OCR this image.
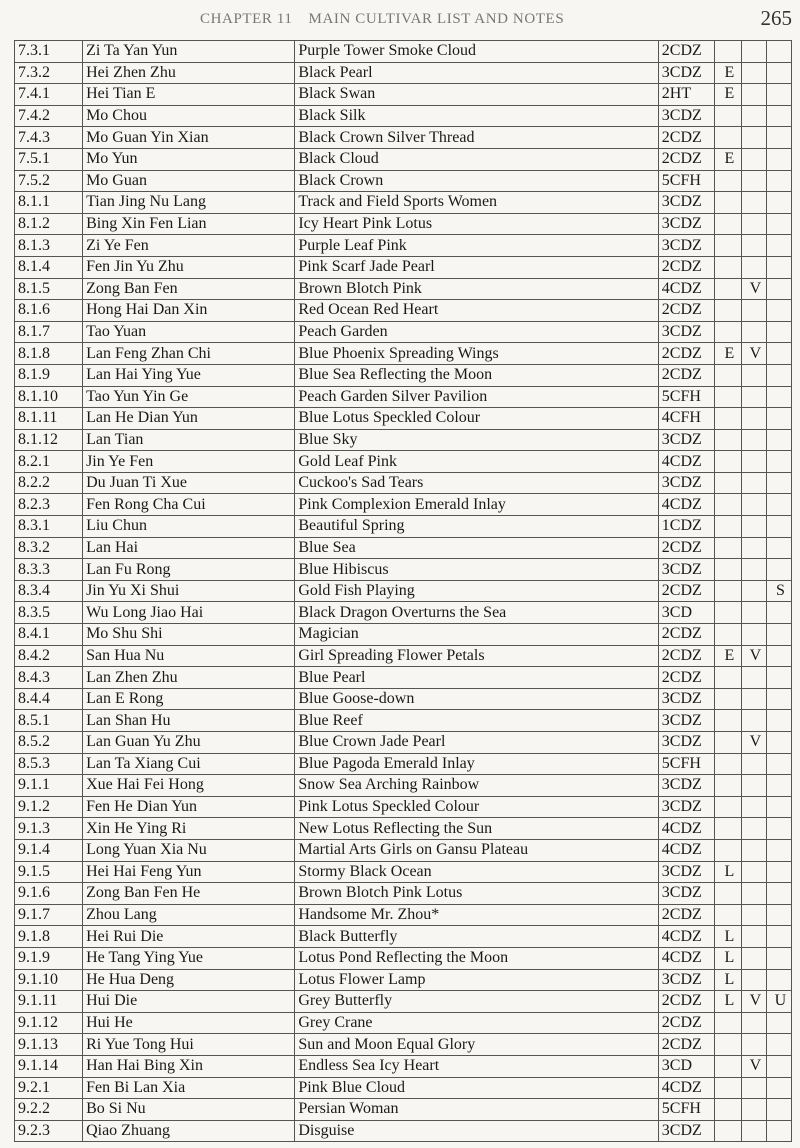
CHAPTER 11 MAIN CULTIVAR LIST AND NOTES	265
7.3.1	Zi Ta Yan Yun	Purple Tower Smoke Cloud	2CDZ			
7.3.2	Hei Zhen Zhu	Black Pearl	3CDZ	E		
7.4.1	Hei Tian E	Black Swan	2HT	E		
7.4.2	Mo Chou	Black Silk	3CDZ			
7.4.3	Mo Guan Yin Xian	Black Crown Silver Thread	2CDZ			
7.5.1	Mo Yun	Black Cloud	2CDZ	E		
7.5.2	Mo Guan	Black Crown	5CFH			
8.1.1	Tian Jing Nu Lang	Track and Field Sports Women	3CDZ			
8.1.2	Bing Xin Fen Lian	Icy Heart Pink Lotus	3CDZ			
8.1.3	Zi Ye Fen	Purple Leaf Pink	3CDZ			
8.1.4	Fen Jin Yu Zhu	Pink Scarf Jade Pearl	2CDZ			
8.1.5	Zong Ban Fen	Brown Blotch Pink	4CDZ		V	
8.1.6	Hong Hai Dan Xin	Red Ocean Red Heart	2CDZ			
8.1.7	Tao Yuan	Peach Garden	3CDZ			
8.1.8	Lan Feng Zhan Chi	Blue Phoenix Spreading Wings	2CDZ	E	V	
8.1.9	Lan Hai Ying Yue	Blue Sea Reflecting the Moon	2CDZ			
8.1.10	Tao Yun Yin Ge	Peach Garden Silver Pavilion	5CFH			
8.1.11	Lan He Dian Yun	Blue Lotus Speckled Colour	4CFH			
8.1.12	Lan Tian	Blue Sky	3CDZ			
8.2.1	Jin Ye Fen	Gold Leaf Pink	4CDZ			
8.2.2	Du Juan Ti Xue	Cuckoo's Sad Tears	3CDZ			
8.2.3	Fen Rong Cha Cui	Pink Complexion Emerald Inlay	4CDZ			
8.3.1	Liu Chun	Beautiful Spring	1CDZ			
8.3.2	Lan Hai	Blue Sea	2CDZ			
8.3.3	Lan Fu Rong	Blue Hibiscus	3CDZ			
8.3.4	Jin Yu Xi Shui	Gold Fish Playing	2CDZ			S
8.3.5	Wu Long Jiao Hai	Black Dragon Overturns the Sea	3CD			
8.4.1	Mo Shu Shi	Magician	2CDZ			
8.4.2	San Hua Nu	Girl Spreading Flower Petals	2CDZ	E	V	
8.4.3	Lan Zhen Zhu	Blue Pearl	2CDZ			
8.4.4	Lan E Rong	Blue Goose-down	3CDZ			
8.5.1	Lan Shan Hu	Blue Reef	3CDZ			
8.5.2	Lan Guan Yu Zhu	Blue Crown Jade Pearl	3CDZ		V	
8.5.3	Lan Ta Xiang Cui	Blue Pagoda Emerald Inlay	5CFH			
9.1.1	Xue Hai Fei Hong	Snow Sea Arching Rainbow	3CDZ			
9.1.2	Fen He Dian Yun	Pink Lotus Speckled Colour	3CDZ			
9.1.3	Xin He Ying Ri	New Lotus Reflecting the Sun	4CDZ			
9.1.4	Long Yuan Xia Nu	Martial Arts Girls on Gansu Plateau	4CDZ			
9.1.5	Hei Hai Feng Yun	Stormy Black Ocean	3CDZ	L		
9.1.6	Zong Ban Fen He	Brown Blotch Pink Lotus	3CDZ			
9.1.7	Zhou Lang	Handsome Mr. Zhou*	2CDZ			
9.1.8	Hei Rui Die	Black Butterfly	4CDZ	L		
9.1.9	He Tang Ying Yue	Lotus Pond Reflecting the Moon	4CDZ	L		
9.1.10	He Hua Deng	Lotus Flower Lamp	3CDZ	L		
9.1.11	Hui Die	Grey Butterfly	2CDZ	L	V	U
9.1.12	Hui He	Grey Crane	2CDZ			
9.1.13	Ri Yue Tong Hui	Sun and Moon Equal Glory	2CDZ			
9.1.14	Han Hai Bing Xin	Endless Sea Icy Heart	3CD		V	
9.2.1	Fen Bi Lan Xia	Pink Blue Cloud	4CDZ			
9.2.2	Bo Si Nu	Persian Woman	5CFH			
9.2.3	Qiao Zhuang	Disguise	3CDZ			
